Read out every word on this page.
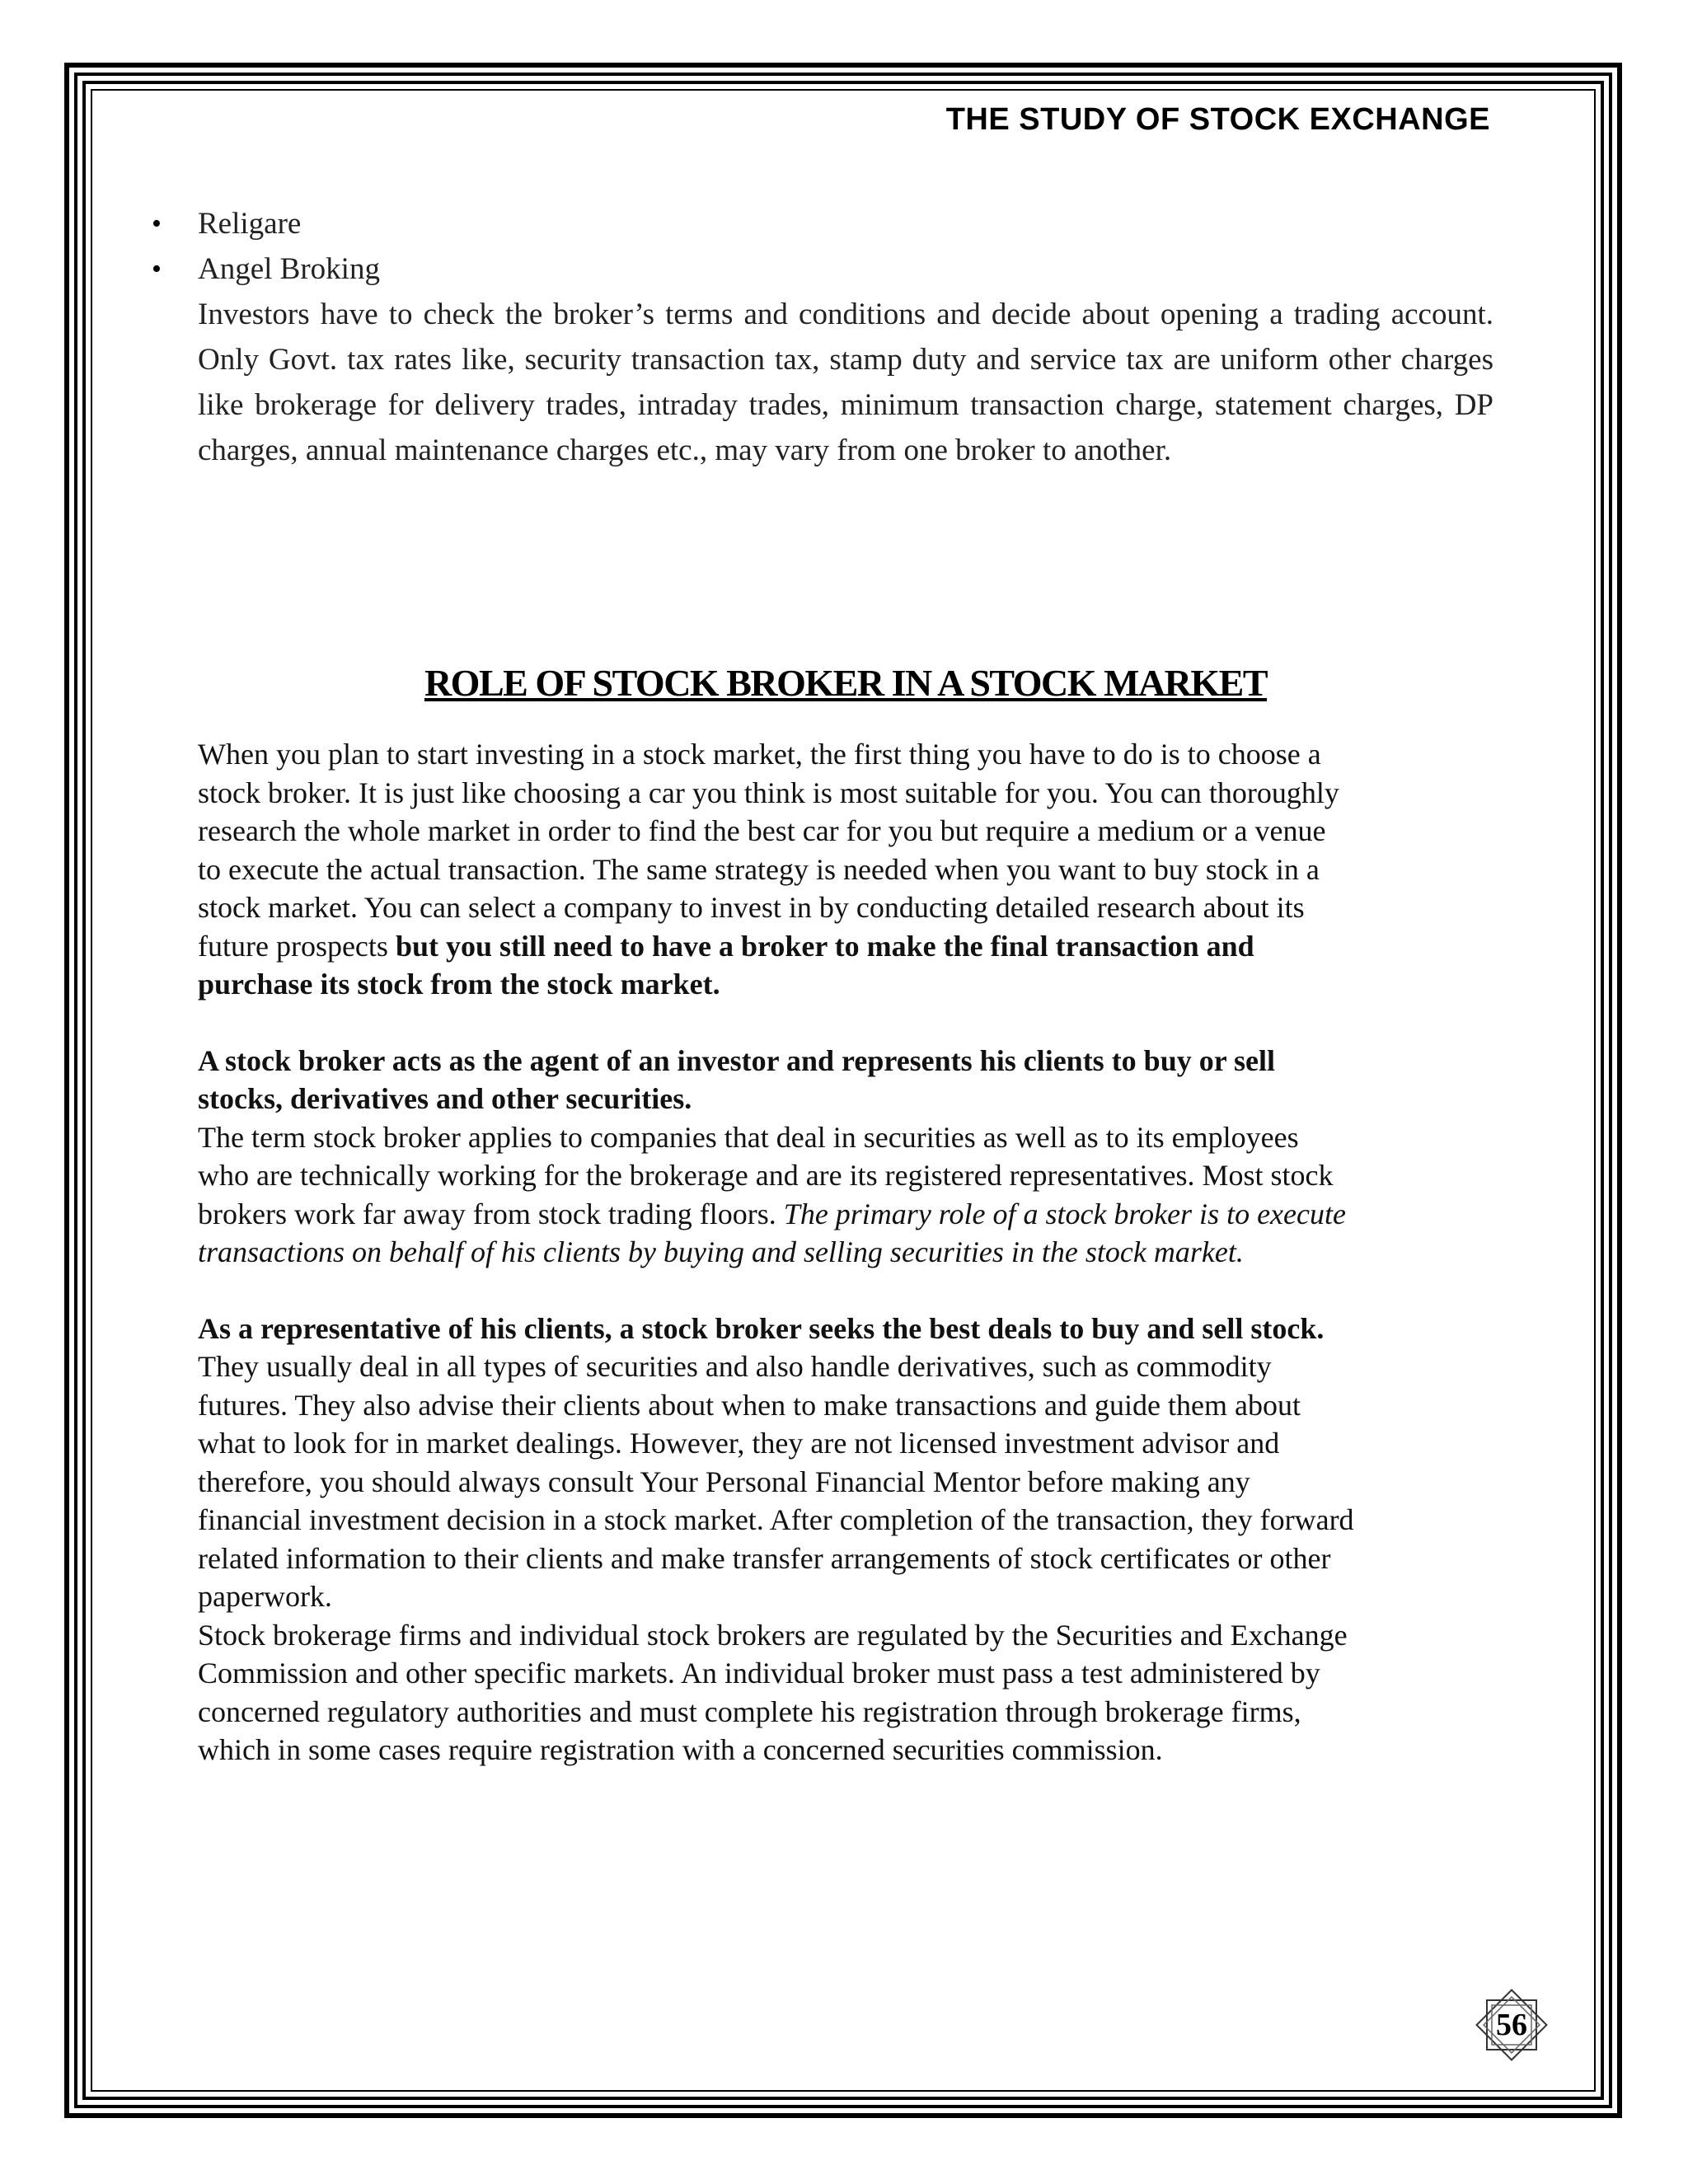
THE STUDY OF STOCK EXCHANGE
• Religare
• Angel Broking

Investors have to check the broker’s terms and conditions and decide about opening a trading account. Only Govt. tax rates like, security transaction tax, stamp duty and service tax are uniform other charges like brokerage for delivery trades, intraday trades, minimum transaction charge, statement charges, DP charges, annual maintenance charges etc., may vary from one broker to another.

ROLE OF STOCK BROKER IN A STOCK MARKET

When you plan to start investing in a stock market, the first thing you have to do is to choose a

stock broker. It is just like choosing a car you think is most suitable for you. You can thoroughly

research the whole market in order to find the best car for you but require a medium or a venue

to execute the actual transaction. The same strategy is needed when you want to buy stock in a

stock market. You can select a company to invest in by conducting detailed research about its

future prospects but you still need to have a broker to make the final transaction and

purchase its stock from the stock market.

A stock broker acts as the agent of an investor and represents his clients to buy or sell

stocks, derivatives and other securities.

The term stock broker applies to companies that deal in securities as well as to its employees

who are technically working for the brokerage and are its registered representatives. Most stock

brokers work far away from stock trading floors. The primary role of a stock broker is to execute

transactions on behalf of his clients by buying and selling securities in the stock market.

As a representative of his clients, a stock broker seeks the best deals to buy and sell stock.

They usually deal in all types of securities and also handle derivatives, such as commodity

futures. They also advise their clients about when to make transactions and guide them about

what to look for in market dealings. However, they are not licensed investment advisor and

therefore, you should always consult Your Personal Financial Mentor before making any

financial investment decision in a stock market. After completion of the transaction, they forward

related information to their clients and make transfer arrangements of stock certificates or other

paperwork.

Stock brokerage firms and individual stock brokers are regulated by the Securities and Exchange

Commission and other specific markets. An individual broker must pass a test administered by

concerned regulatory authorities and must complete his registration through brokerage firms,

which in some cases require registration with a concerned securities commission.

56
